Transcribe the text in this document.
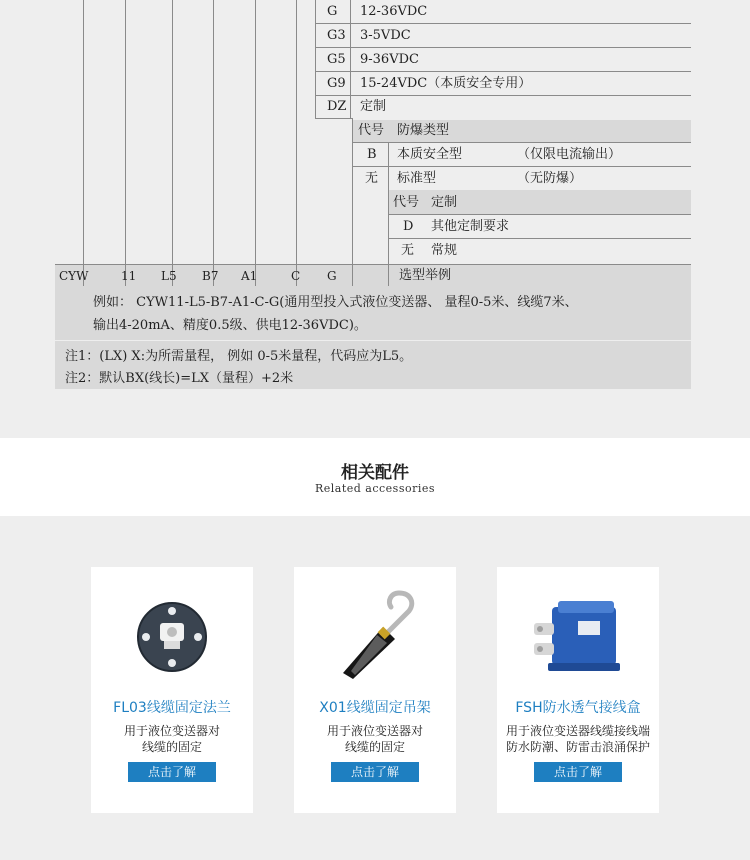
G 12-36VDC
G3 3-5VDC
G5 9-36VDC
G9 15-24VDC（本质安全专用）
DZ 定制
代号 防爆类型
B 本质安全型	（仅限电流输出）
无 标准型	（无防爆）
代号 定制
D 其他定制要求
无 常规
CYW	11 L5 B7 A1	C G	选型举例
例如： CYW11-L5-B7-A1-C-G(通用型投入式液位变送器、 量程0-5米、线缆7米、
输出4-20mA、精度0.5级、供电12-36VDC)。
注1：(LX) X:为所需量程， 例如 0-5米量程，代码应为L5。
注2：默认BX(线长)=LX（量程）+2米
相关配件
Related accessories
FL03线缆固定法兰
用于液位变送器对
线缆的固定
点击了解
X01线缆固定吊架
用于液位变送器对
线缆的固定
点击了解
FSH防水透气接线盒
用于液位变送器线缆接线端
防水防潮、防雷击浪涌保护
点击了解
